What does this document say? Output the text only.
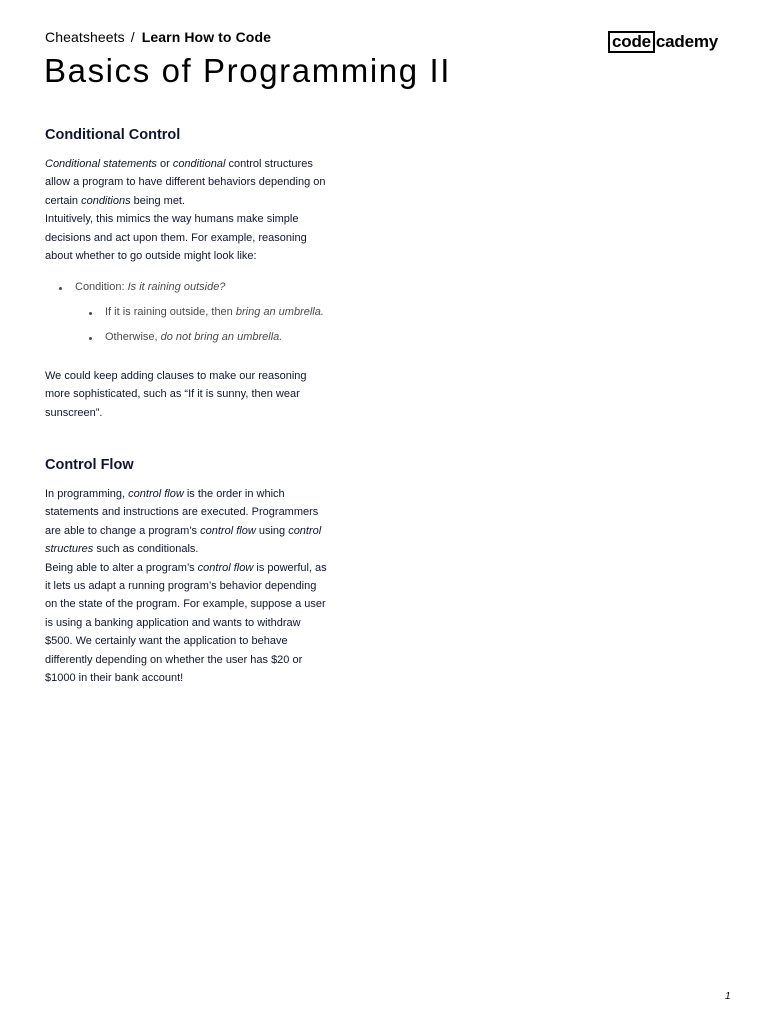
Cheatsheets / Learn How to Code	code cademy
Basics of Programming II
Conditional Control

Conditional statements or conditional control structures

allow a program to have different behaviors depending on

certain conditions being met.

Intuitively, this mimics the way humans make simple

decisions and act upon them. For example, reasoning

about whether to go outside might look like:

Condition: Is it raining outside?
If it is raining outside, then bring an umbrella.
Otherwise, do not bring an umbrella.

We could keep adding clauses to make our reasoning

more sophisticated, such as “If it is sunny, then wear

sunscreen”.

Control Flow

In programming, control flow is the order in which

statements and instructions are executed. Programmers

are able to change a program’s control flow using control

structures such as conditionals.

Being able to alter a program’s control flow is powerful, as

it lets us adapt a running program’s behavior depending

on the state of the program. For example, suppose a user

is using a banking application and wants to withdraw

$500. We certainly want the application to behave

differently depending on whether the user has $20 or

$1000 in their bank account!

1
